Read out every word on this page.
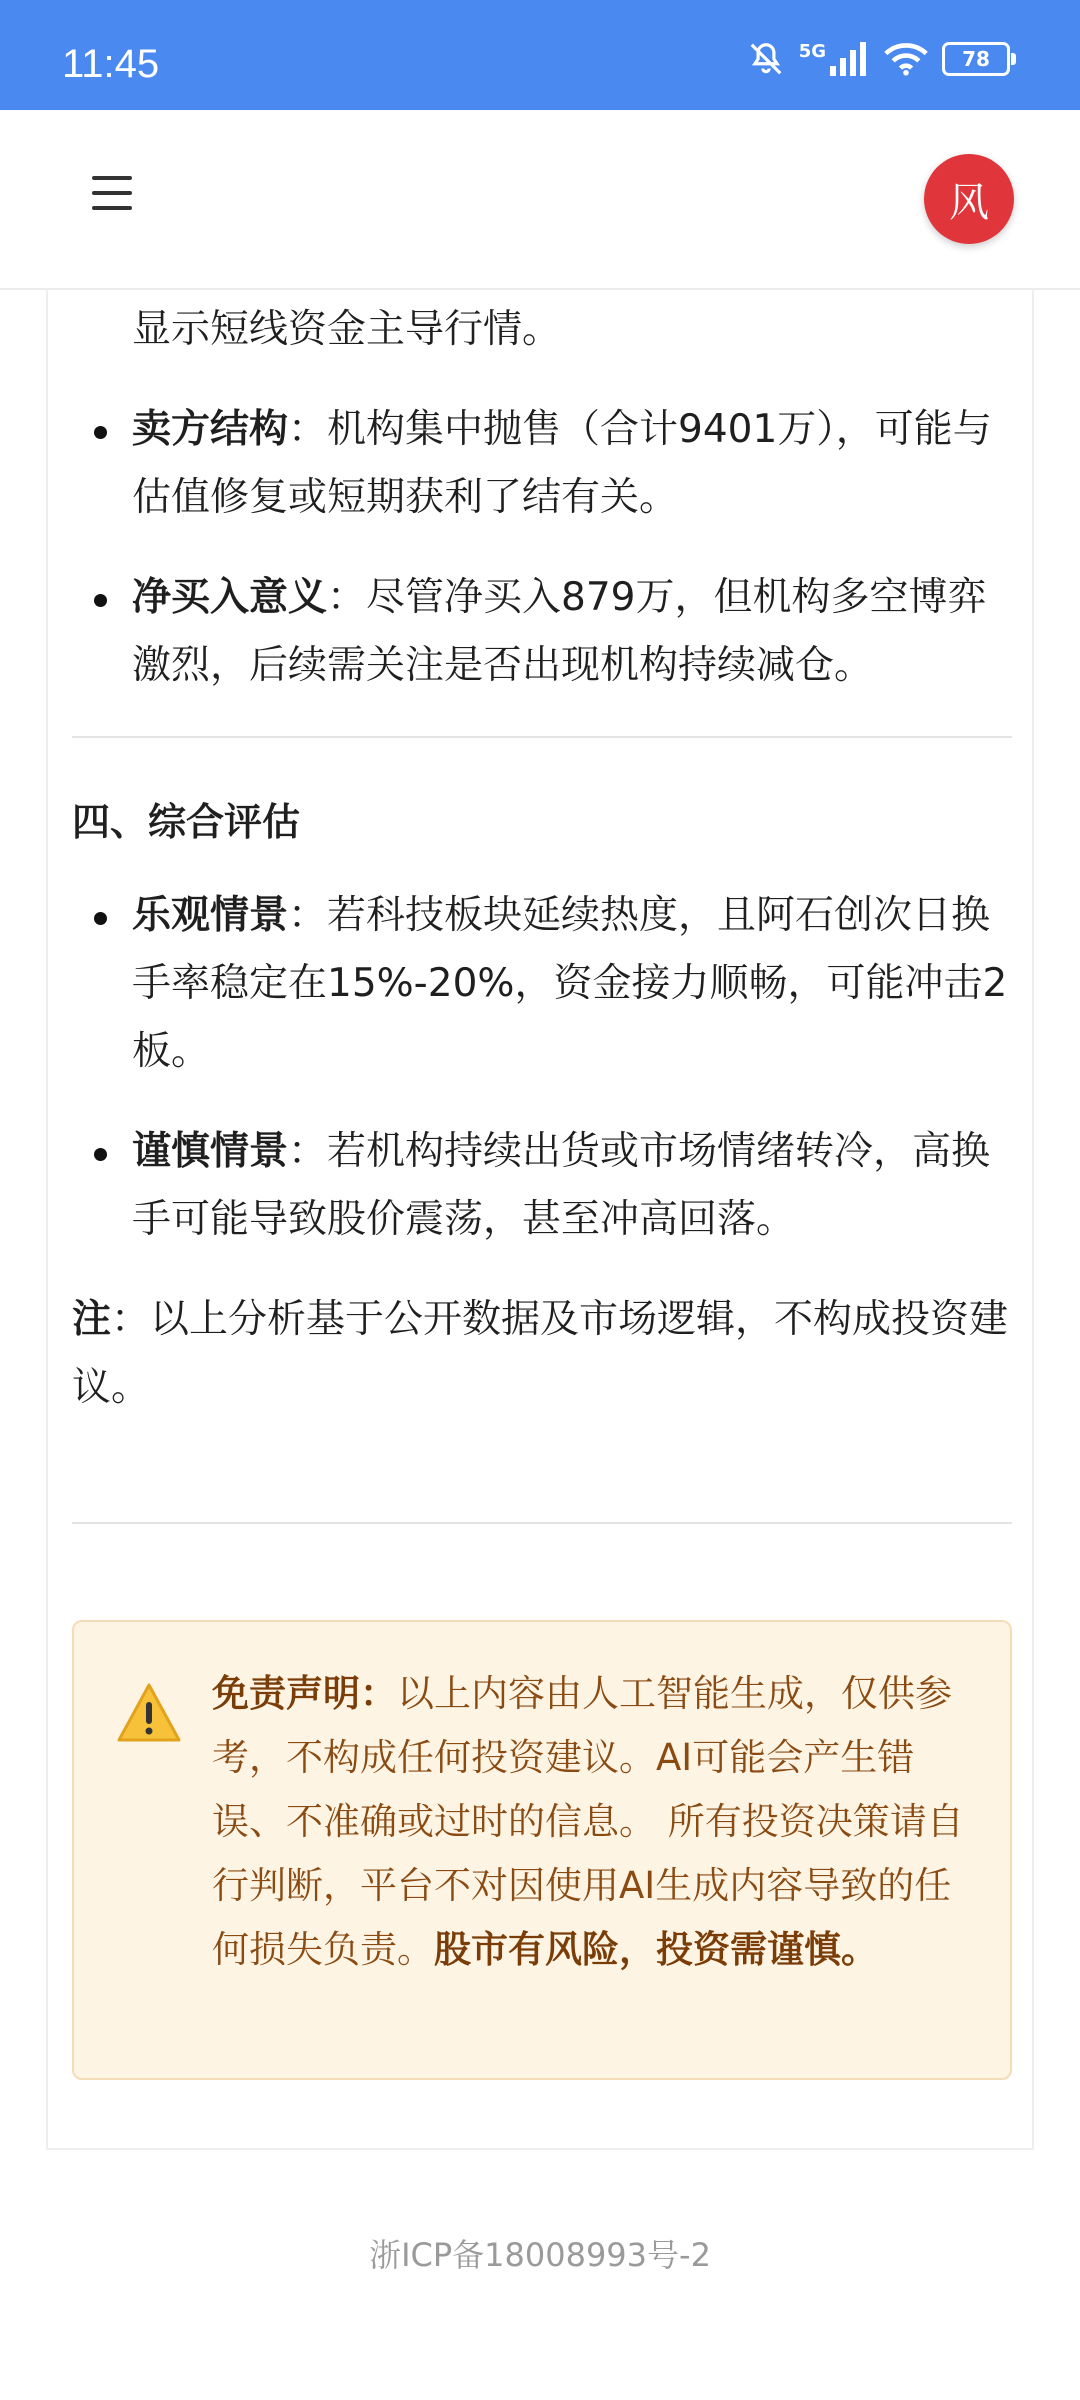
11:45	5G	78
风

显示短线资金主导行情。
卖方结构：机构集中抛售（合计9401万），可能与估值修复或短期获利了结有关。
净买入意义：尽管净买入879万，但机构多空博弈激烈，后续需关注是否出现机构持续减仓。
四、综合评估
乐观情景：若科技板块延续热度，且阿石创次日换手率稳定在15%-20%，资金接力顺畅，可能冲击2板。
谨慎情景：若机构持续出货或市场情绪转冷，高换手可能导致股价震荡，甚至冲高回落。
注：以上分析基于公开数据及市场逻辑，不构成投资建议。
免责声明：以上内容由人工智能生成，仅供参考，不构成任何投资建议。AI可能会产生错误、不准确或过时的信息。 所有投资决策请自行判断，平台不对因使用AI生成内容导致的任何损失负责。股市有风险，投资需谨慎。
浙ICP备18008993号-2
